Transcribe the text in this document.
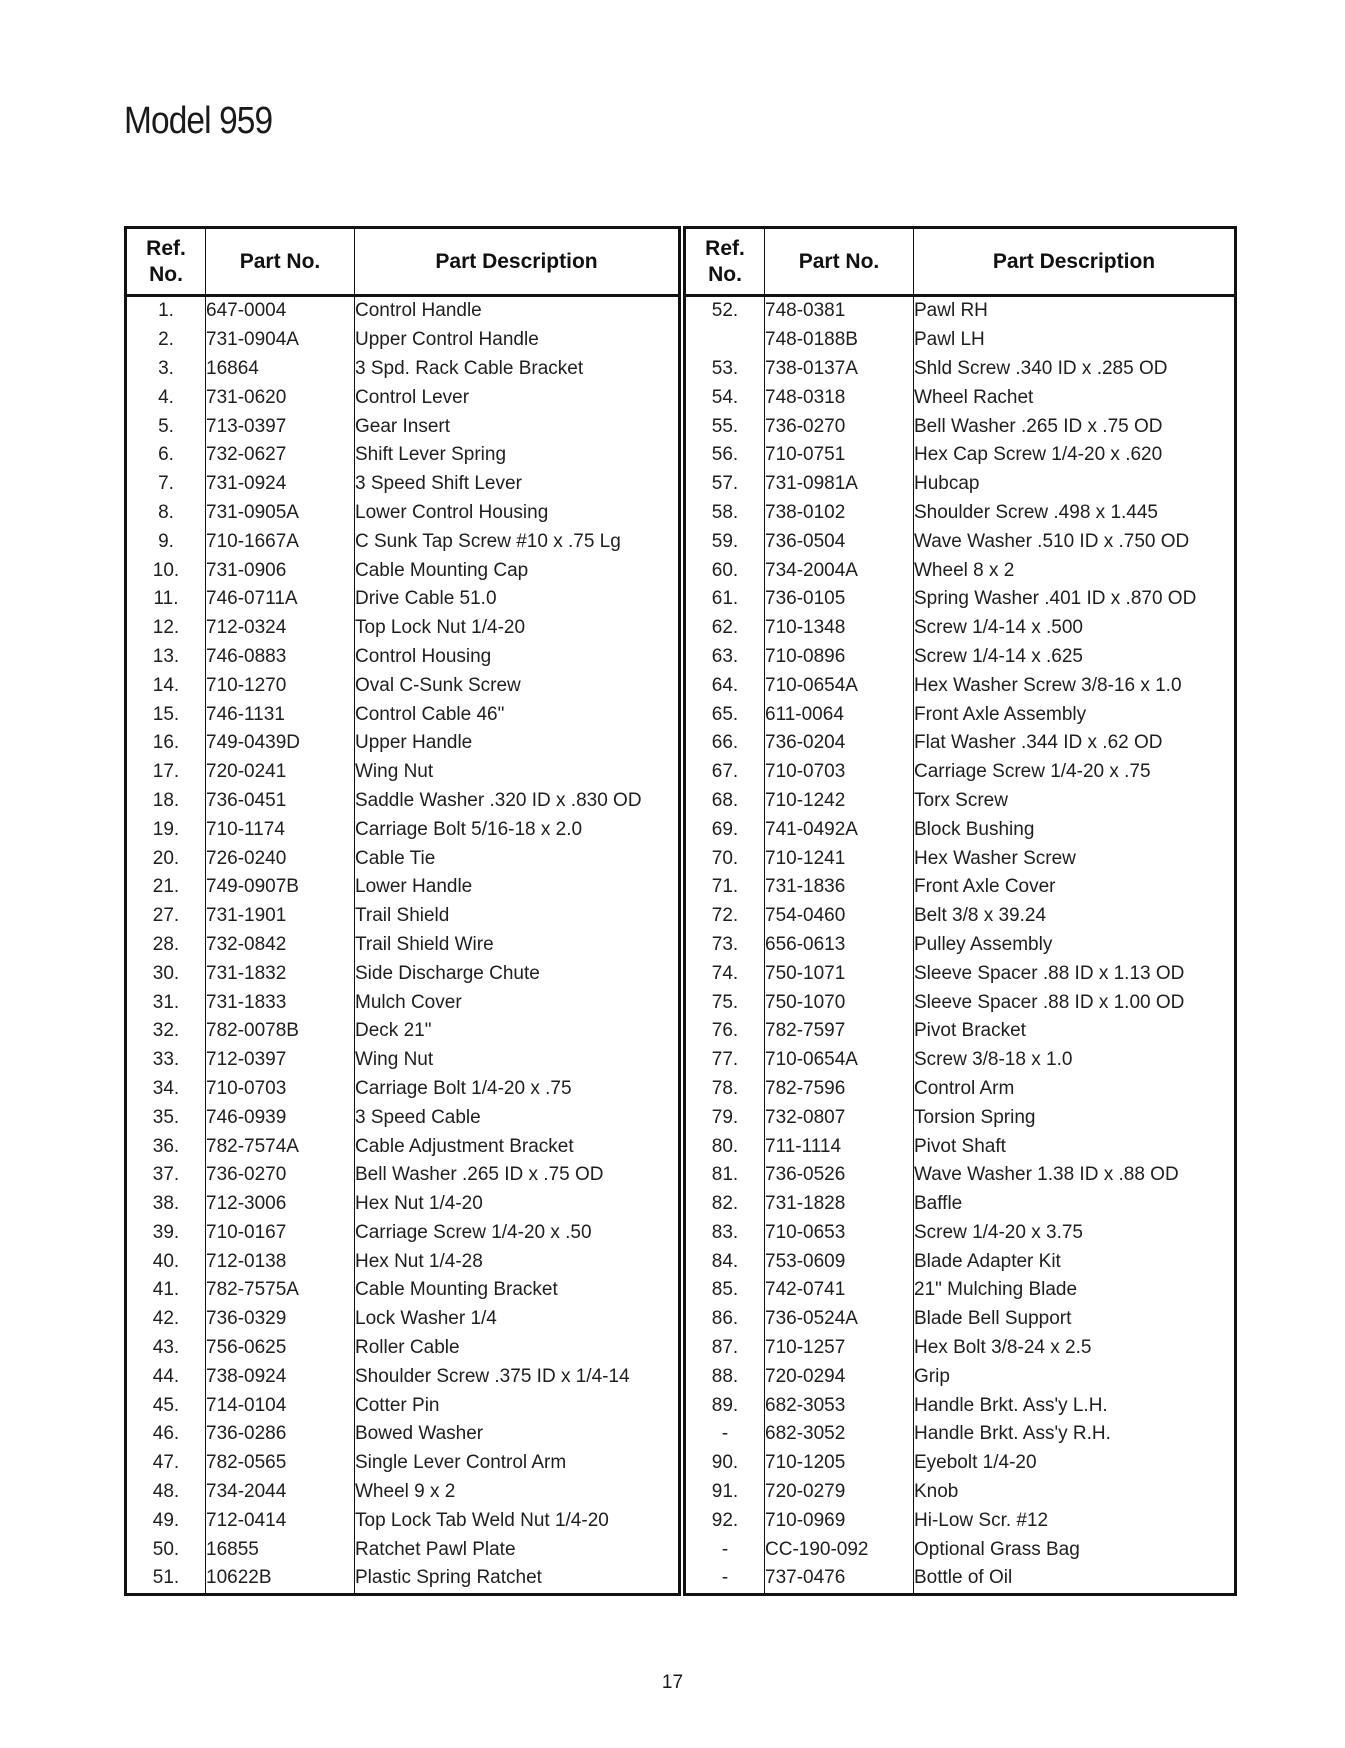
Model 959
Ref.
No.	Part No.	Part Description
1.	647-0004	Control Handle
2.	731-0904A	Upper Control Handle
3.	16864	3 Spd. Rack Cable Bracket
4.	731-0620	Control Lever
5.	713-0397	Gear Insert
6.	732-0627	Shift Lever Spring
7.	731-0924	3 Speed Shift Lever
8.	731-0905A	Lower Control Housing
9.	710-1667A	C Sunk Tap Screw #10 x .75 Lg
10.	731-0906	Cable Mounting Cap
11.	746-0711A	Drive Cable 51.0
12.	712-0324	Top Lock Nut 1/4-20
13.	746-0883	Control Housing
14.	710-1270	Oval C-Sunk Screw
15.	746-1131	Control Cable 46"
16.	749-0439D	Upper Handle
17.	720-0241	Wing Nut
18.	736-0451	Saddle Washer .320 ID x .830 OD
19.	710-1174	Carriage Bolt 5/16-18 x 2.0
20.	726-0240	Cable Tie
21.	749-0907B	Lower Handle
27.	731-1901	Trail Shield
28.	732-0842	Trail Shield Wire
30.	731-1832	Side Discharge Chute
31.	731-1833	Mulch Cover
32.	782-0078B	Deck 21"
33.	712-0397	Wing Nut
34.	710-0703	Carriage Bolt 1/4-20 x .75
35.	746-0939	3 Speed Cable
36.	782-7574A	Cable Adjustment Bracket
37.	736-0270	Bell Washer .265 ID x .75 OD
38.	712-3006	Hex Nut 1/4-20
39.	710-0167	Carriage Screw 1/4-20 x .50
40.	712-0138	Hex Nut 1/4-28
41.	782-7575A	Cable Mounting Bracket
42.	736-0329	Lock Washer 1/4
43.	756-0625	Roller Cable
44.	738-0924	Shoulder Screw .375 ID x 1/4-14
45.	714-0104	Cotter Pin
46.	736-0286	Bowed Washer
47.	782-0565	Single Lever Control Arm
48.	734-2044	Wheel 9 x 2
49.	712-0414	Top Lock Tab Weld Nut 1/4-20
50.	16855	Ratchet Pawl Plate
51.	10622B	Plastic Spring Ratchet
Ref.
No.	Part No.	Part Description
52.	748-0381	Pawl RH
	748-0188B	Pawl LH
53.	738-0137A	Shld Screw .340 ID x .285 OD
54.	748-0318	Wheel Rachet
55.	736-0270	Bell Washer .265 ID x .75 OD
56.	710-0751	Hex Cap Screw 1/4-20 x .620
57.	731-0981A	Hubcap
58.	738-0102	Shoulder Screw .498 x 1.445
59.	736-0504	Wave Washer .510 ID x .750 OD
60.	734-2004A	Wheel 8 x 2
61.	736-0105	Spring Washer .401 ID x .870 OD
62.	710-1348	Screw 1/4-14 x .500
63.	710-0896	Screw 1/4-14 x .625
64.	710-0654A	Hex Washer Screw 3/8-16 x 1.0
65.	611-0064	Front Axle Assembly
66.	736-0204	Flat Washer .344 ID x .62 OD
67.	710-0703	Carriage Screw 1/4-20 x .75
68.	710-1242	Torx Screw
69.	741-0492A	Block Bushing
70.	710-1241	Hex Washer Screw
71.	731-1836	Front Axle Cover
72.	754-0460	Belt 3/8 x 39.24
73.	656-0613	Pulley Assembly
74.	750-1071	Sleeve Spacer .88 ID x 1.13 OD
75.	750-1070	Sleeve Spacer .88 ID x 1.00 OD
76.	782-7597	Pivot Bracket
77.	710-0654A	Screw 3/8-18 x 1.0
78.	782-7596	Control Arm
79.	732-0807	Torsion Spring
80.	711-1114	Pivot Shaft
81.	736-0526	Wave Washer 1.38 ID x .88 OD
82.	731-1828	Baffle
83.	710-0653	Screw 1/4-20 x 3.75
84.	753-0609	Blade Adapter Kit
85.	742-0741	21" Mulching Blade
86.	736-0524A	Blade Bell Support
87.	710-1257	Hex Bolt 3/8-24 x 2.5
88.	720-0294	Grip
89.	682-3053	Handle Brkt. Ass'y L.H.
-	682-3052	Handle Brkt. Ass'y R.H.
90.	710-1205	Eyebolt 1/4-20
91.	720-0279	Knob
92.	710-0969	Hi-Low Scr. #12
-	CC-190-092	Optional Grass Bag
-	737-0476	Bottle of Oil
17
